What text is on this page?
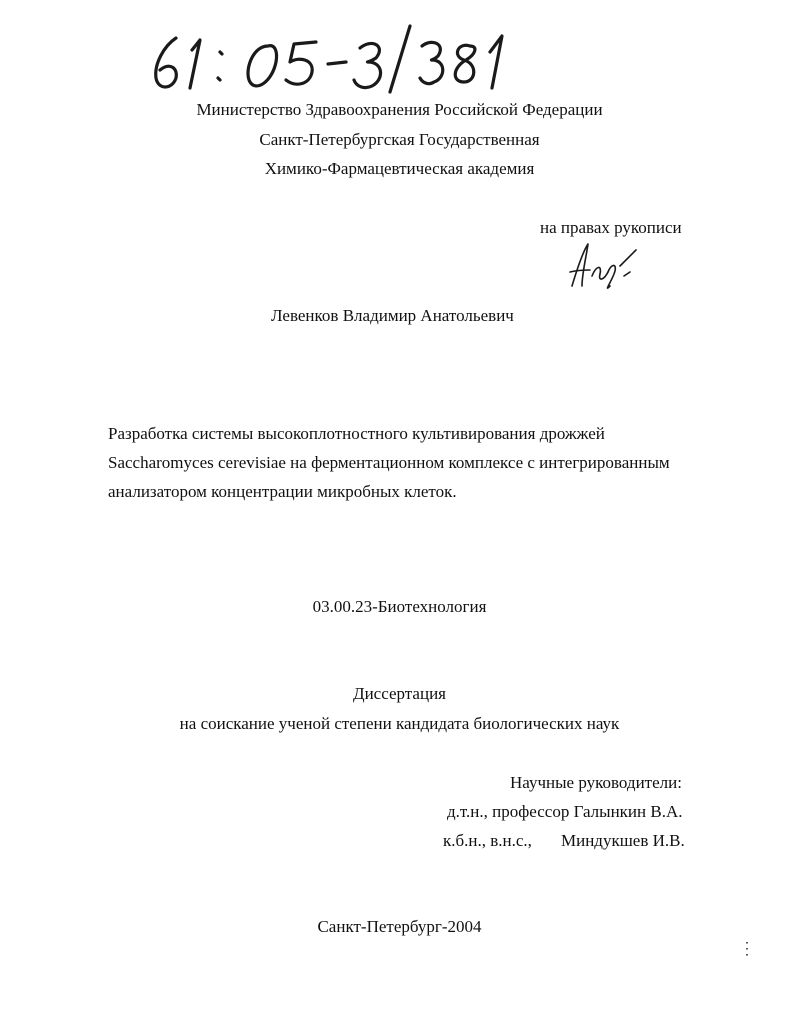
Министерство Здравоохранения Российской Федерации
Санкт-Петербургская Государственная
Химико-Фармацевтическая академия
на правах рукописи
Левенков Владимир Анатольевич
Разработка системы высокоплотностного культивирования дрожжей
Saccharomyces cerevisiae на ферментационном комплексе с интегрированным
анализатором концентрации микробных клеток.
03.00.23-Биотехнология
Диссертация
на соискание ученой степени кандидата биологических наук
Научные руководители:
д.т.н., профессор Галынкин В.А.
к.б.н., в.н.с., Миндукшев И.В.
Санкт-Петербург-2004
